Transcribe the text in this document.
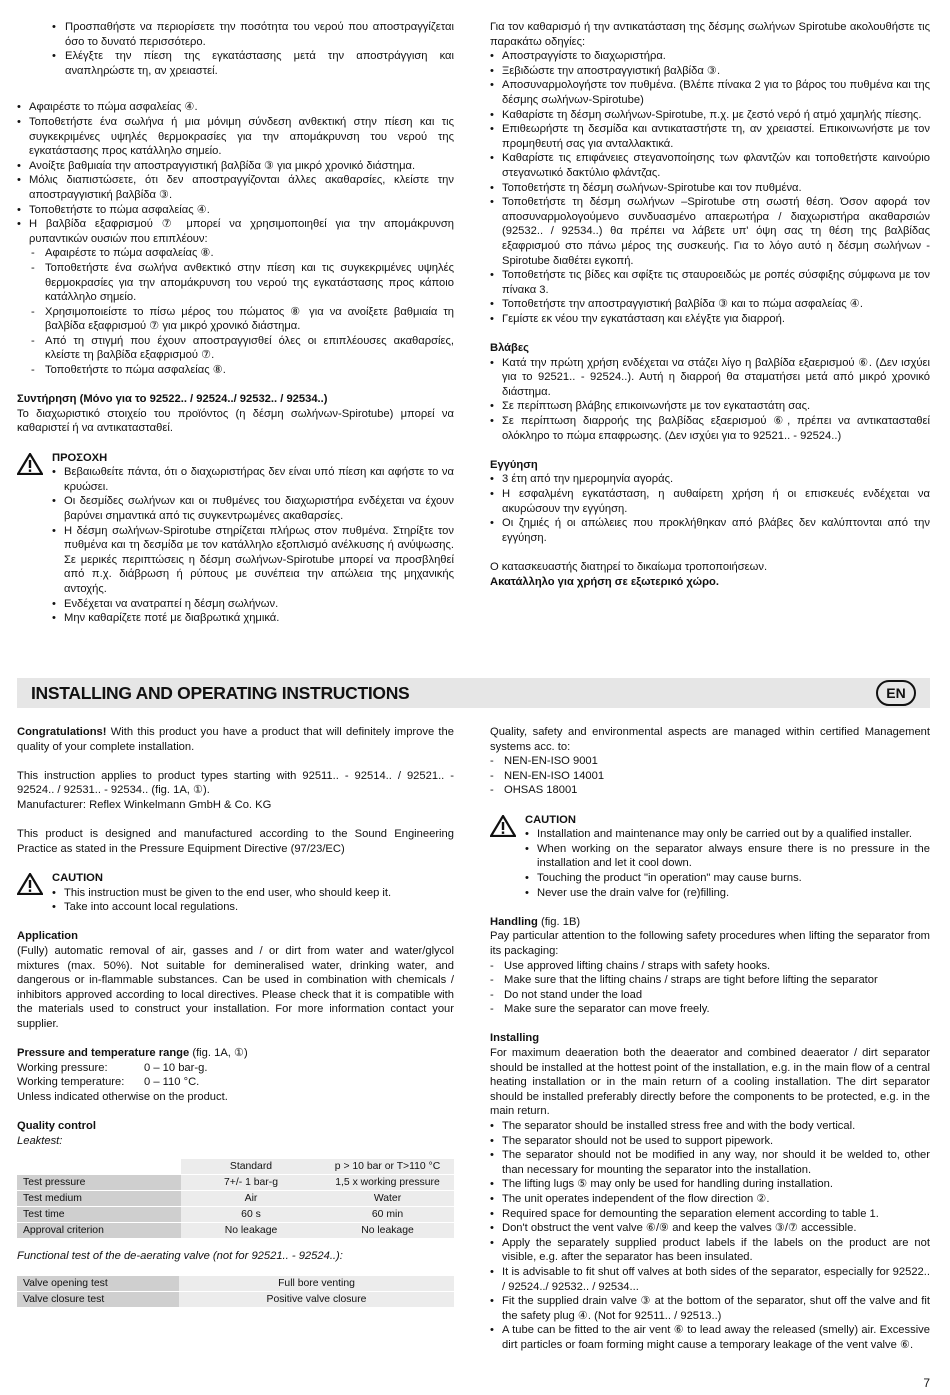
• Προσπαθήστε να περιορίσετε την ποσότητα του νερού που αποστραγγίζεται όσο το δυνατό περισσότερο.
• Ελέγξτε την πίεση της εγκατάστασης μετά την αποστράγγιση και αναπληρώστε τη, αν χρειαστεί.
• Αφαιρέστε το πώμα ασφαλείας ④.
• Τοποθετήστε ένα σωλήνα ή μια μόνιμη σύνδεση ανθεκτική στην πίεση και τις συγκεκριμένες υψηλές θερμοκρασίες για την απομάκρυνση του νερού της εγκατάστασης προς κατάλληλο σημείο.
• Ανοίξτε βαθμιαία την αποστραγγιστική βαλβίδα ③ για μικρό χρονικό διάστημα.
• Μόλις διαπιστώσετε, ότι δεν αποστραγγίζονται άλλες ακαθαρσίες, κλείστε την αποστραγγιστική βαλβίδα ③.
• Τοποθετήστε το πώμα ασφαλείας ④.
• Η βαλβίδα εξαφρισμού ⑦ μπορεί να χρησιμοποιηθεί για την απομάκρυνση ρυπαντικών ουσιών που επιπλέουν:
- Αφαιρέστε το πώμα ασφαλείας ⑧.
- Τοποθετήστε ένα σωλήνα ανθεκτικό στην πίεση και τις συγκεκριμένες υψηλές θερμοκρασίες για την απομάκρυνση του νερού της εγκατάστασης προς κάποιο κατάλληλο σημείο.
- Χρησιμοποιείστε το πίσω μέρος του πώματος ⑧ για να ανοίξετε βαθμιαία τη βαλβίδα εξαφρισμού ⑦ για μικρό χρονικό διάστημα.
- Από τη στιγμή που έχουν αποστραγγισθεί όλες οι επιπλέουσες ακαθαρσίες, κλείστε τη βαλβίδα εξαφρισμού ⑦.
- Τοποθετήστε το πώμα ασφαλείας ⑧.

Συντήρηση (Μόνο για το 92522.. / 92524../ 92532.. / 92534..)

Το διαχωριστικό στοιχείο του προϊόντος (η δέσμη σωλήνων-Spirotube) μπορεί να καθαριστεί ή να αντικατασταθεί.

ΠΡΟΣΟΧΗ

• Βεβαιωθείτε πάντα, ότι ο διαχωριστήρας δεν είναι υπό πίεση και αφήστε το να κρυώσει.
• Οι δεσμίδες σωλήνων και οι πυθμένες του διαχωριστήρα ενδέχεται να έχουν βαρύνει σημαντικά από τις συγκεντρωμένες ακαθαρσίες.
• Η δέσμη σωλήνων-Spirotube στηρίζεται πλήρως στον πυθμένα. Στηρίξτε τον πυθμένα και τη δεσμίδα με τον κατάλληλο εξοπλισμό ανέλκυσης ή ανύψωσης. Σε μερικές περιπτώσεις η δέσμη σωλήνων-Spirotube μπορεί να προσβληθεί από π.χ. διάβρωση ή ρύπους με συνέπεια την απώλεια της μηχανικής αντοχής.
• Ενδέχεται να ανατραπεί η δέσμη σωλήνων.
• Μην καθαρίζετε ποτέ με διαβρωτικά χημικά.

Για τον καθαρισμό ή την αντικατάσταση της δέσμης σωλήνων Spirotube ακολουθήστε τις παρακάτω οδηγίες:

• Αποστραγγίστε το διαχωριστήρα.
• Ξεβιδώστε την αποστραγγιστική βαλβίδα ③.
• Αποσυναρμολογήστε τον πυθμένα. (Βλέπε πίνακα 2 για το βάρος του πυθμένα και της δέσμης σωλήνων-Spirotube)
• Καθαρίστε τη δέσμη σωλήνων-Spirotube, π.χ. με ζεστό νερό ή ατμό χαμηλής πίεσης.
• Επιθεωρήστε τη δεσμίδα και αντικαταστήστε τη, αν χρειαστεί. Επικοινωνήστε με τον προμηθευτή σας για ανταλλακτικά.
• Καθαρίστε τις επιφάνειες στεγανοποίησης των φλαντζών και τοποθετήστε καινούριο στεγανωτικό δακτύλιο φλάντζας.
• Τοποθετήστε τη δέσμη σωλήνων-Spirotube και τον πυθμένα.
• Τοποθετήστε τη δέσμη σωλήνων –Spirotube στη σωστή θέση. Όσον αφορά τον αποσυναρμολογούμενο συνδυασμένο απαερωτήρα / διαχωριστήρα ακαθαρσιών (92532.. / 92534..) θα πρέπει να λάβετε υπ' όψη σας τη θέση της βαλβίδας εξαφρισμού στο πάνω μέρος της συσκευής. Για το λόγο αυτό η δέσμη σωλήνων -Spirotube διαθέτει εγκοπή.
• Τοποθετήστε τις βίδες και σφίξτε τις σταυροειδώς με ροπές σύσφιξης σύμφωνα με τον πίνακα 3.
• Τοποθετήστε την αποστραγγιστική βαλβίδα ③ και το πώμα ασφαλείας ④.
• Γεμίστε εκ νέου την εγκατάσταση και ελέγξτε για διαρροή.

Βλάβες

• Κατά την πρώτη χρήση ενδέχεται να στάζει λίγο η βαλβίδα εξαερισμού ⑥. (Δεν ισχύει για το 92521.. - 92524..). Αυτή η διαρροή θα σταματήσει μετά από μικρό χρονικό διάστημα.
• Σε περίπτωση βλάβης επικοινωνήστε με τον εγκαταστάτη σας.
• Σε περίπτωση διαρροής της βαλβίδας εξαερισμού ⑥, πρέπει να αντικατασταθεί ολόκληρο το πώμα επαφρωσης. (Δεν ισχύει για το 92521.. - 92524..)

Εγγύηση

• 3 έτη από την ημερομηνία αγοράς.
• Η εσφαλμένη εγκατάσταση, η αυθαίρετη χρήση ή οι επισκευές ενδέχεται να ακυρώσουν την εγγύηση.
• Οι ζημιές ή οι απώλειες που προκλήθηκαν από βλάβες δεν καλύπτονται από την εγγύηση.

Ο κατασκευαστής διατηρεί το δικαίωμα τροποποιήσεων.

Ακατάλληλο για χρήση σε εξωτερικό χώρο.

INSTALLING AND OPERATING INSTRUCTIONS	EN

Congratulations! With this product you have a product that will definitely improve the quality of your complete installation.

This instruction applies to product types starting with 92511.. - 92514.. / 92521.. - 92524.. / 92531.. - 92534.. (fig. 1A, ①).

Manufacturer: Reflex Winkelmann GmbH & Co. KG

This product is designed and manufactured according to the Sound Engineering Practice as stated in the Pressure Equipment Directive (97/23/EC)

CAUTION

• This instruction must be given to the end user, who should keep it.
• Take into account local regulations.

Application

(Fully) automatic removal of air, gasses and / or dirt from water and water/glycol mixtures (max. 50%). Not suitable for demineralised water, drinking water, and dangerous or in-flammable substances. Can be used in combination with chemicals / inhibitors approved according to local directives. Please check that it is compatible with the materials used to construct your installation. For more information contact your supplier.

Pressure and temperature range (fig. 1A, ①)

Working pressure:	0 – 10 bar-g.

Working temperature: 0 – 110 °C.

Unless indicated otherwise on the product.

Quality control

Leaktest:

	Standard	p > 10 bar or T>110 °C
Test pressure	7+/- 1 bar-g	1,5 x working pressure
Test medium	Air	Water
Test time	60 s	60 min
Approval criterion	No leakage	No leakage

Functional test of the de-aerating valve (not for 92521.. - 92524..):

Valve opening test	Full bore venting
Valve closure test	Positive valve closure

Quality, safety and environmental aspects are managed within certified Management systems acc. to:

- NEN-EN-ISO 9001
- NEN-EN-ISO 14001
- OHSAS 18001

CAUTION

• Installation and maintenance may only be carried out by a qualified installer.
• When working on the separator always ensure there is no pressure in the installation and let it cool down.
• Touching the product "in operation" may cause burns.
• Never use the drain valve for (re)filling.

Handling (fig. 1B)

Pay particular attention to the following safety procedures when lifting the separator from its packaging:

- Use approved lifting chains / straps with safety hooks.
- Make sure that the lifting chains / straps are tight before lifting the separator
- Do not stand under the load
- Make sure the separator can move freely.

Installing

For maximum deaeration both the deaerator and combined deaerator / dirt separator should be installed at the hottest point of the installation, e.g. in the main flow of a central heating installation or in the main return of a cooling installation. The dirt separator should be installed preferably directly before the components to be protected, e.g. in the main return.

• The separator should be installed stress free and with the body vertical.
• The separator should not be used to support pipework.
• The separator should not be modified in any way, nor should it be welded to, other than necessary for mounting the separator into the installation.
• The lifting lugs ⑤ may only be used for handling during installation.
• The unit operates independent of the flow direction ②.
• Required space for demounting the separation element according to table 1.
• Don't obstruct the vent valve ⑥/⑨ and keep the valves ③/⑦ accessible.
• Apply the separately supplied product labels if the labels on the product are not visible, e.g. after the separator has been insulated.
• It is advisable to fit shut off valves at both sides of the separator, especially for 92522.. / 92524../ 92532.. / 92534...
• Fit the supplied drain valve ③ at the bottom of the separator, shut off the valve and fit the safety plug ④. (Not for 92511.. / 92513..)
• A tube can be fitted to the air vent ⑥ to lead away the released (smelly) air. Excessive dirt particles or foam forming might cause a temporary leakage of the vent valve ⑥.
7
